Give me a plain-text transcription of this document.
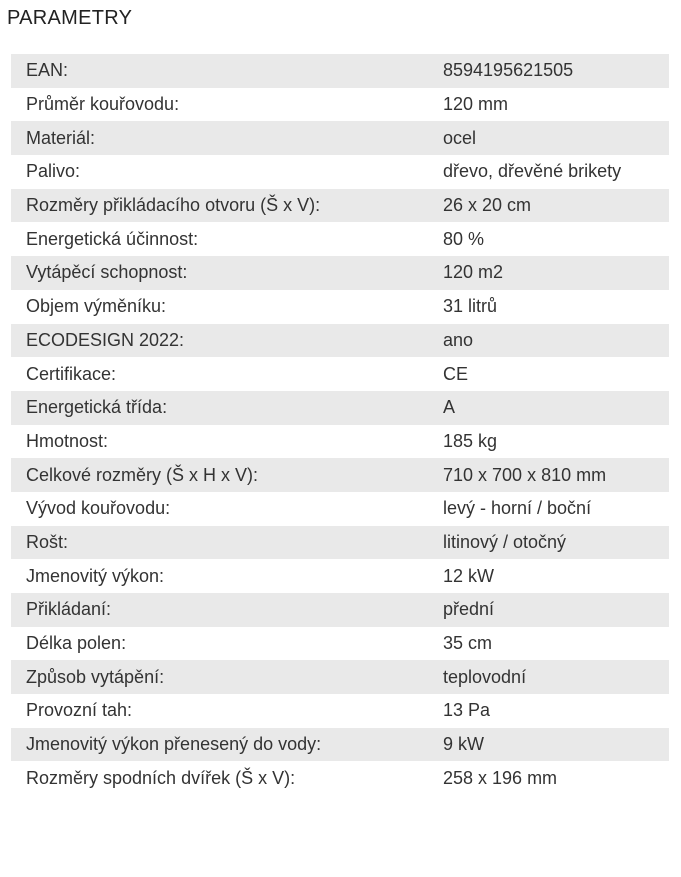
PARAMETRY
EAN:	8594195621505
Průměr kouřovodu:	120 mm
Materiál:	ocel
Palivo:	dřevo, dřevěné brikety
Rozměry přikládacího otvoru (Š x V):	26 x 20 cm
Energetická účinnost:	80 %
Vytápěcí schopnost:	120 m2
Objem výměníku:	31 litrů
ECODESIGN 2022:	ano
Certifikace:	CE
Energetická třída:	A
Hmotnost:	185 kg
Celkové rozměry (Š x H x V):	710 x 700 x 810 mm
Vývod kouřovodu:	levý - horní / boční
Rošt:	litinový / otočný
Jmenovitý výkon:	12 kW
Přikládaní:	přední
Délka polen:	35 cm
Způsob vytápění:	teplovodní
Provozní tah:	13 Pa
Jmenovitý výkon přenesený do vody:	9 kW
Rozměry spodních dvířek (Š x V):	258 x 196 mm
